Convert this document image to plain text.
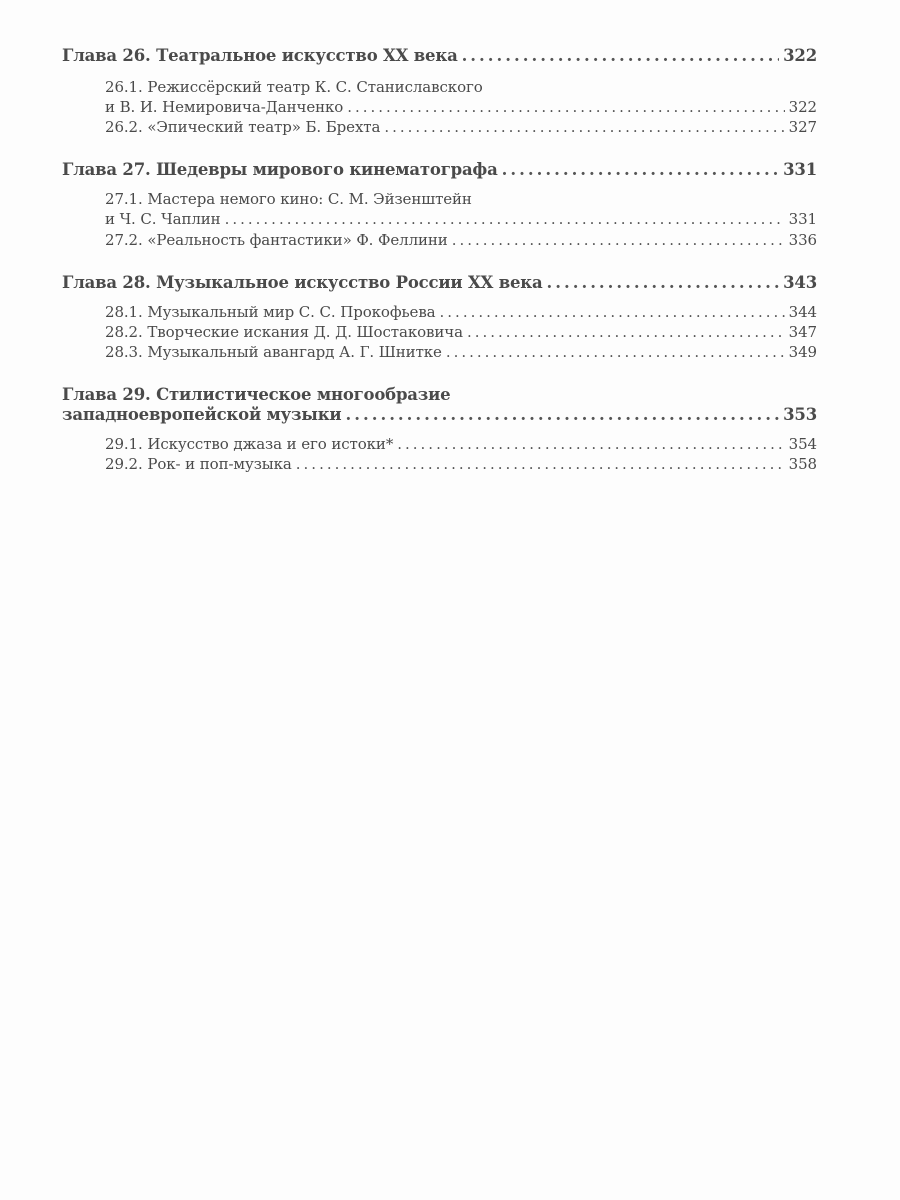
Глава 26. Театральное искусство XX века .....	322
26.1. Режиссёрский театр К. С. Станиславского
и В. И. Немировича-Данченко .....	322
26.2. «Эпический театр» Б. Брехта .....	327
Глава 27. Шедевры мирового кинематографа .....	331
27.1. Мастера немого кино: С. М. Эйзенштейн
и Ч. С. Чаплин .....	331
27.2. «Реальность фантастики» Ф. Феллини .....	336
Глава 28. Музыкальное искусство России XX века .....	343
28.1. Музыкальный мир С. С. Прокофьева .....	344
28.2. Творческие искания Д. Д. Шостаковича .....	347
28.3. Музыкальный авангард А. Г. Шнитке .....	349
Глава 29. Стилистическое многообразие
западноевропейской музыки .....	353
29.1. Искусство джаза и его истоки* .....	354
29.2. Рок- и поп-музыка .....	358
